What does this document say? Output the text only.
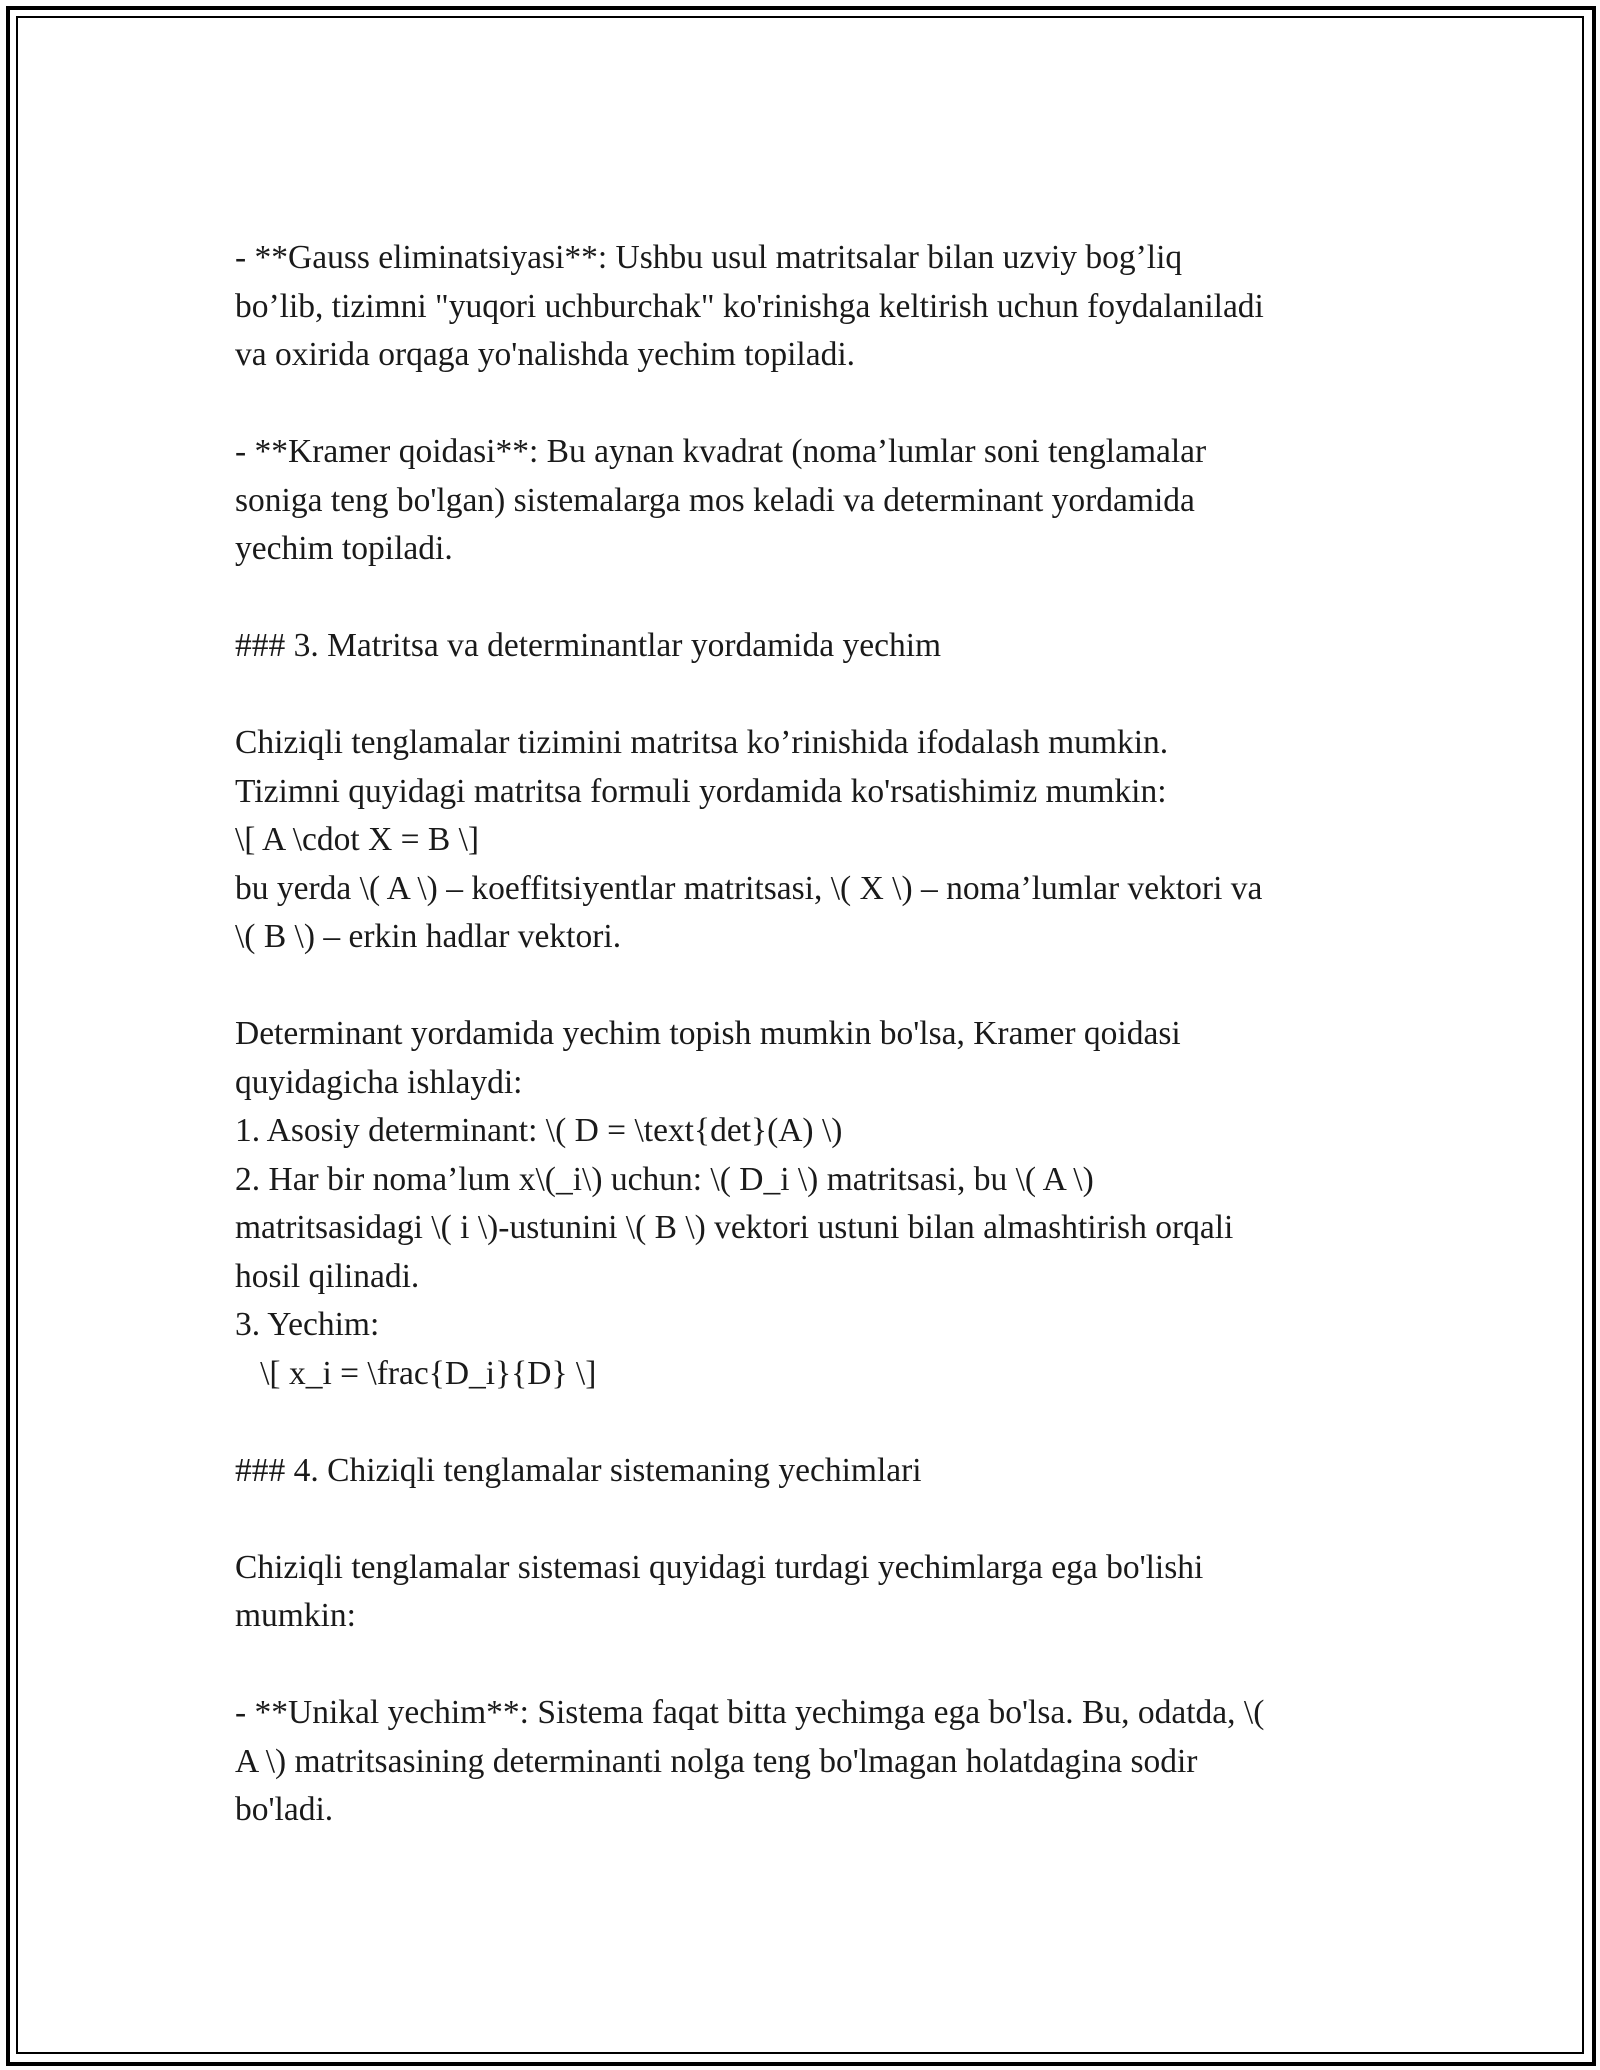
- **Gauss eliminatsiyasi**: Ushbu usul matritsalar bilan uzviy bog’liq
bo’lib, tizimni "yuqori uchburchak" ko'rinishga keltirish uchun foydalaniladi
va oxirida orqaga yo'nalishda yechim topiladi.
- **Kramer qoidasi**: Bu aynan kvadrat (noma’lumlar soni tenglamalar
soniga teng bo'lgan) sistemalarga mos keladi va determinant yordamida
yechim topiladi.
### 3. Matritsa va determinantlar yordamida yechim
Chiziqli tenglamalar tizimini matritsa ko’rinishida ifodalash mumkin.
Tizimni quyidagi matritsa formuli yordamida ko'rsatishimiz mumkin:
\[ A \cdot X = B \]
bu yerda \( A \) – koeffitsiyentlar matritsasi, \( X \) – noma’lumlar vektori va
\( B \) – erkin hadlar vektori.
Determinant yordamida yechim topish mumkin bo'lsa, Kramer qoidasi
quyidagicha ishlaydi:
1. Asosiy determinant: \( D = \text{det}(A) \)
2. Har bir noma’lum x\(_i\) uchun: \( D_i \) matritsasi, bu \( A \)
matritsasidagi \( i \)-ustunini \( B \) vektori ustuni bilan almashtirish orqali
hosil qilinadi.
3. Yechim:
\[ x_i = \frac{D_i}{D} \]
### 4. Chiziqli tenglamalar sistemaning yechimlari
Chiziqli tenglamalar sistemasi quyidagi turdagi yechimlarga ega bo'lishi
mumkin:
- **Unikal yechim**: Sistema faqat bitta yechimga ega bo'lsa. Bu, odatda, \(
A \) matritsasining determinanti nolga teng bo'lmagan holatdagina sodir
bo'ladi.
